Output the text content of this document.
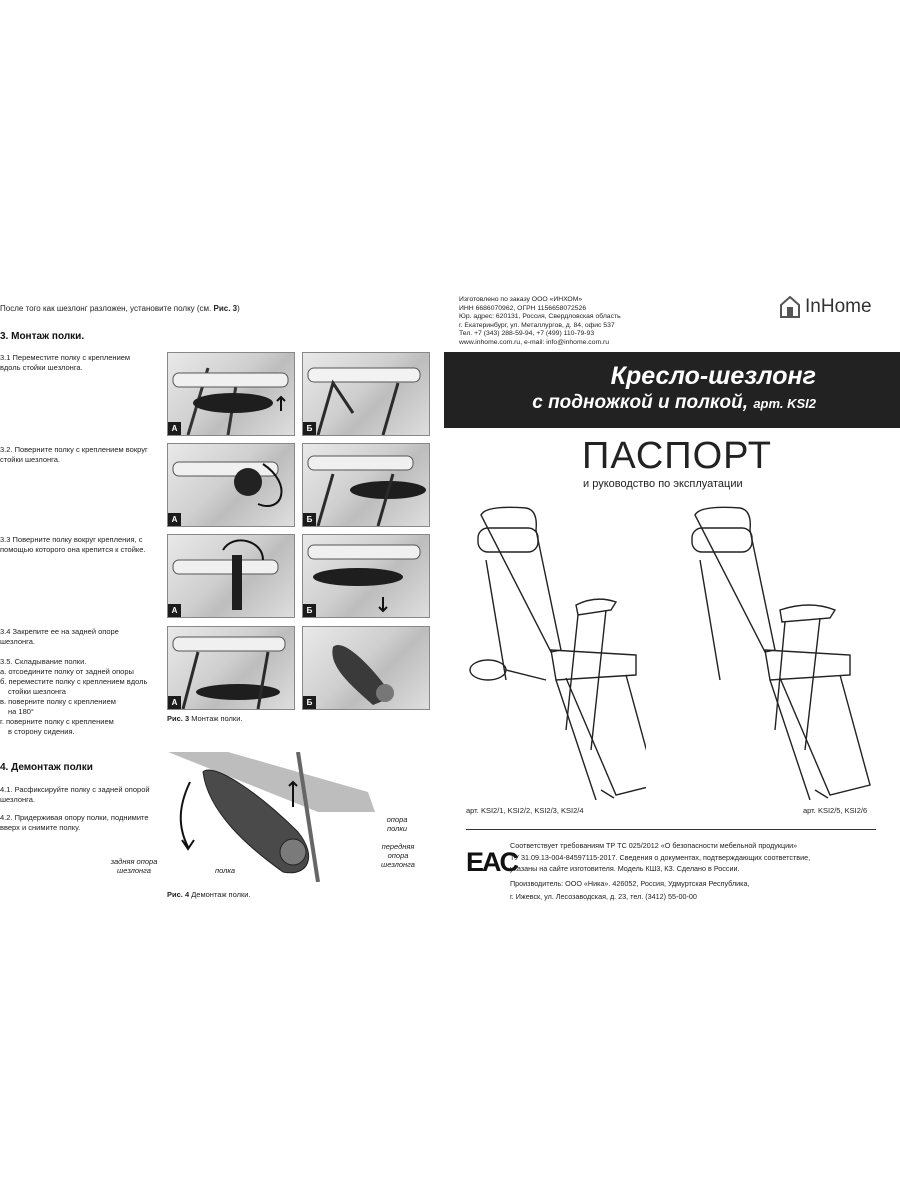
После того как шезлонг разложен, установите полку (см. Рис. 3)
3. Монтаж полки.
3.1 Переместите полку с креплением вдоль стойки шезлонга.
3.2. Поверните полку с креплением вокруг стойки шезлонга.
3.3 Поверните полку вокруг крепления, с помощью которого она крепится к стойке.
3.4 Закрепите ее на задней опоре шезлонга.
3.5. Складывание полки.
а. отсоедините полку от задней опоры
б. переместите полку с креплением вдоль
стойки шезлонга
в. поверните полку с креплением
на 180°
г. поверните полку с креплением
в сторону сидения.
А	Б
А	Б
А	Б
А	Б
Рис. 3 Монтаж полки.
4. Демонтаж полки
4.1. Расфиксируйте полку с задней опорой шезлонга.
4.2. Придерживая опору полки, поднимите вверх и снимите полку.
задняя опора шезлонга	полка
опора полки
передняя опора шезлонга
Рис. 4 Демонтаж полки.
Изготовлено по заказу ООО «ИНХОМ»
ИНН 6686070962, ОГРН 1156658072526
Юр. адрес: 620131, Россия, Свердловская область
г. Екатеринбург, ул. Металлургов, д. 84, офис 537
Тел. +7 (343) 288-59-94, +7 (499) 110-79-93
www.inhome.com.ru, e-mail: info@inhome.com.ru
InHome
Кресло-шезлонг
с подножкой и полкой, арт. KSI2
ПАСПОРТ
и руководство по эксплуатации
арт. KSI2/1, KSI2/2, KSI2/3, KSI2/4	арт. KSI2/5, KSI2/6
EAC
Соответствует требованиям ТР ТС 025/2012 «О безопасности мебельной продукции»
ТУ 31.09.13-004-84597115-2017. Сведения о документах, подтверждающих соответствие,
указаны на сайте изготовителя. Модель КШ3, КЗ. Сделано в России.
Производитель: ООО «Ника». 426052, Россия, Удмуртская Республика,
г. Ижевск, ул. Лесозаводская, д. 23, тел. (3412) 55-00-00
